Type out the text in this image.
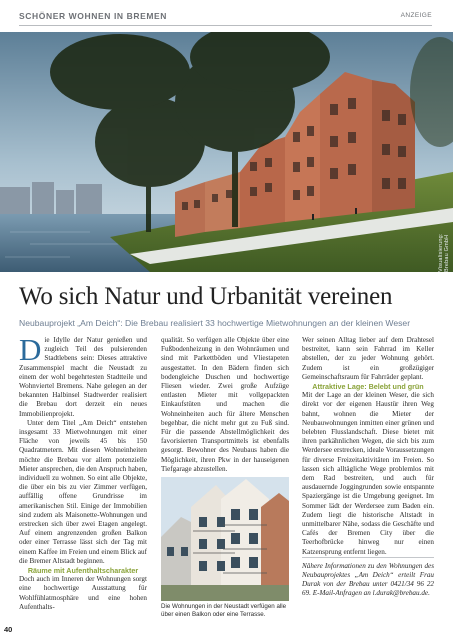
SCHÖNER WOHNEN IN BREMEN	ANZEIGE
Visualisierung: Brebau GmbH
Wo sich Natur und Urbanität vereinen
Neubauprojekt „Am Deich“: Die Brebau realisiert 33 hochwertige Mietwohnungen an der kleinen Weser

Die Idylle der Natur genießen und zugleich Teil des pulsierenden Stadtlebens sein: Dieses attraktive Zusammenspiel macht die Neustadt zu einem der wohl begehrtesten Stadtteile und Wohnviertel Bremens. Nahe gelegen an der bekannten Halbinsel Stadtwerder realisiert die Brebau dort derzeit ein neues Immobilienprojekt.

Unter dem Titel „Am Deich“ entstehen insgesamt 33 Mietwohnungen mit einer Fläche von jeweils 45 bis 150 Quadratmetern. Mit diesen Wohneinheiten möchte die Brebau vor allem potenzielle Mieter ansprechen, die den Anspruch haben, individuell zu wohnen. So eint alle Objekte, die über ein bis zu vier Zimmer verfügen, auffällig offene Grundrisse im amerikanischen Stil. Einige der Immobilien sind zudem als Maisonette-Wohnungen und erstrecken sich über zwei Etagen angelegt. Auf einem angrenzenden großen Balkon oder einer Terrasse lässt sich der Tag mit einem Kaffee im Freien und einem Blick auf die Bremer Altstadt beginnen.

Räume mit Aufenthaltscharakter

Doch auch im Inneren der Wohnungen sorgt eine hochwertige Ausstattung für Wohlfühlatmosphäre und eine hohen Aufenthalts-

qualität. So verfügen alle Objekte über eine Fußbodenheizung in den Wohnräumen und sind mit Parkettböden und Vliestapeten ausgestattet. In den Bädern finden sich bodengleiche Duschen und hochwertige Fliesen wieder. Zwei große Aufzüge entlasten Mieter mit vollgepackten Einkaufstüten und machen die Wohneinheiten auch für ältere Menschen begehbar, die nicht mehr gut zu Fuß sind. Für die passende Abstellmöglichkeit des favorisierten Transportmittels ist ebenfalls gesorgt. Bewohner des Neubaus haben die Möglichkeit, ihren Pkw in der hauseigenen Tiefgarage abzustellen.

Die Wohnungen in der Neustadt verfügen alle über einen Balkon oder eine Terrasse.

Wer seinen Alltag lieber auf dem Drahtesel bestreitet, kann sein Fahrrad im Keller abstellen, der zu jeder Wohnung gehört. Zudem ist ein großzügiger Gemeinschaftsraum für Fahrräder geplant.

Attraktive Lage: Belebt und grün

Mit der Lage an der kleinen Weser, die sich direkt vor der eigenen Haustür ihren Weg bahnt, wohnen die Mieter der Neubauwohnungen inmitten einer grünen und belebten Flusslandschaft. Diese bietet mit ihren parkähnlichen Wegen, die sich bis zum Werdersee erstrecken, ideale Voraussetzungen für diverse Freizeitaktivitäten im Freien. So lassen sich alltägliche Wege problemlos mit dem Rad bestreiten, und auch für ausdauernde Joggingrunden sowie entspannte Spaziergänge ist die Umgebung geeignet. Im Sommer lädt der Werdersee zum Baden ein. Zudem liegt die historische Altstadt in unmittelbarer Nähe, sodass die Geschäfte und Cafés der Bremen City über die Teerhofbrücke hinweg nur einen Katzensprung entfernt liegen.

Nähere Informationen zu den Wohnungen des Neubauprojektes „Am Deich“ erteilt Frau Durak von der Brebau unter 0421/34 96 22 69. E-Mail-Anfragen an l.durak@brebau.de.

40
